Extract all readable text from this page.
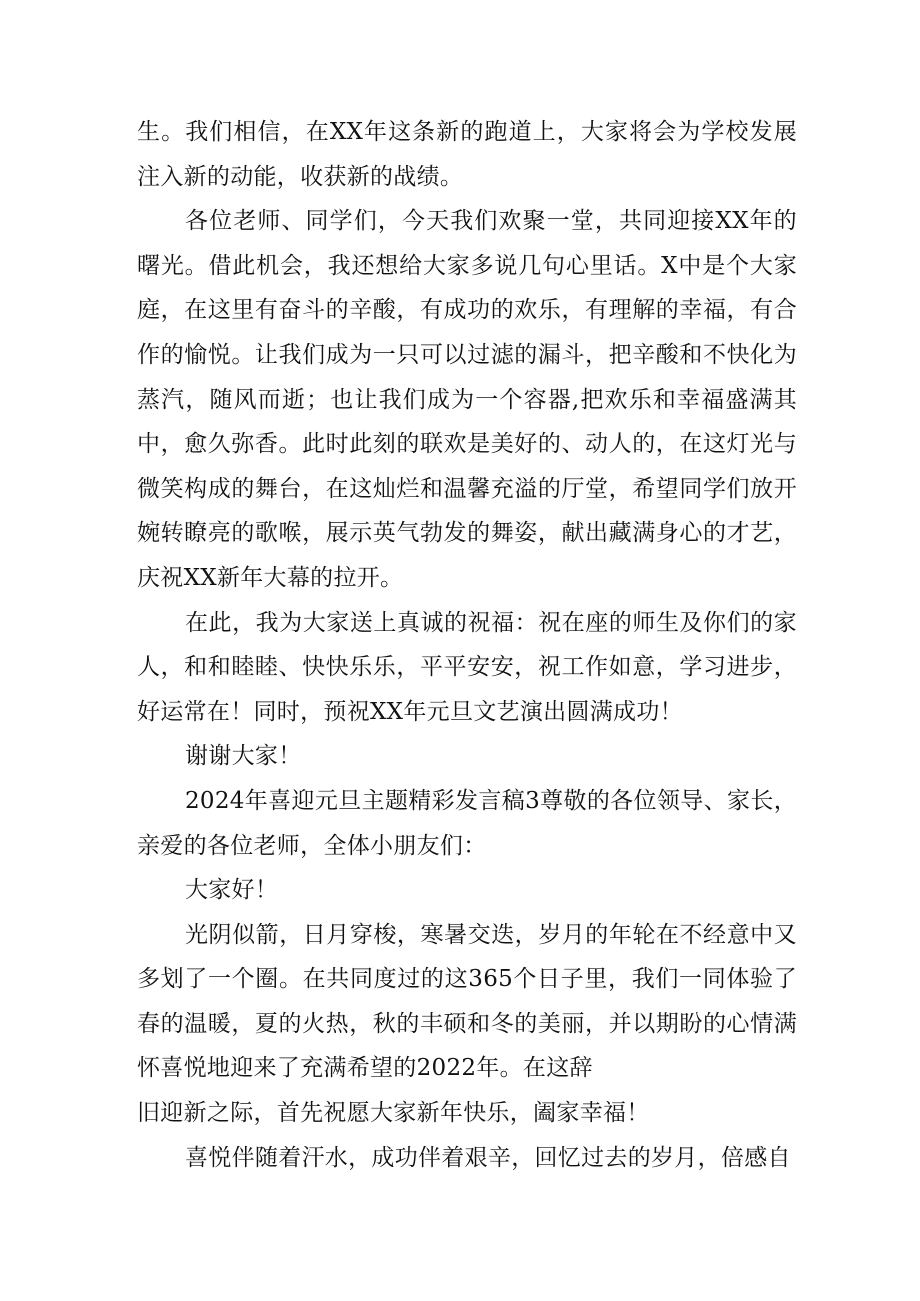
生。我们相信，在XX年这条新的跑道上，大家将会为学校发展注入新的动能，收获新的战绩。

各位老师、同学们，今天我们欢聚一堂，共同迎接XX年的曙光。借此机会，我还想给大家多说几句心里话。X中是个大家庭，在这里有奋斗的辛酸，有成功的欢乐，有理解的幸福，有合作的愉悦。让我们成为一只可以过滤的漏斗，把辛酸和不快化为蒸汽，随风而逝；也让我们成为一个容器,把欢乐和幸福盛满其中，愈久弥香。此时此刻的联欢是美好的、动人的，在这灯光与微笑构成的舞台，在这灿烂和温馨充溢的厅堂，希望同学们放开婉转瞭亮的歌喉，展示英气勃发的舞姿，献出藏满身心的才艺，庆祝XX新年大幕的拉开。

在此，我为大家送上真诚的祝福：祝在座的师生及你们的家人，和和睦睦、快快乐乐，平平安安，祝工作如意，学习进步，好运常在！同时，预祝XX年元旦文艺演出圆满成功！

谢谢大家！

2024年喜迎元旦主题精彩发言稿3尊敬的各位领导、家长，亲爱的各位老师，全体小朋友们：

大家好！

光阴似箭，日月穿梭，寒暑交迭，岁月的年轮在不经意中又多划了一个圈。在共同度过的这365个日子里，我们一同体验了春的温暖，夏的火热，秋的丰硕和冬的美丽，并以期盼的心情满怀喜悦地迎来了充满希望的2022年。在这辞

旧迎新之际，首先祝愿大家新年快乐，阖家幸福！

喜悦伴随着汗水，成功伴着艰辛，回忆过去的岁月，倍感自
